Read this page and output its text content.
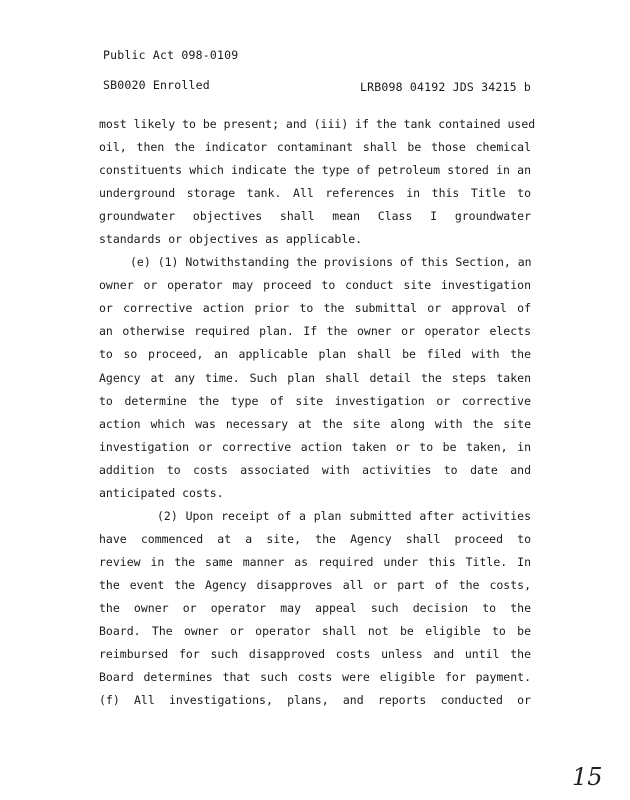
Public Act 098-0109
SB0020 Enrolled	LRB098 04192 JDS 34215 b
most likely to be present; and (iii) if the tank contained used
oil, then the indicator contaminant shall be those chemical
constituents which indicate the type of petroleum stored in an
underground storage tank. All references in this Title to
groundwater objectives shall mean Class I groundwater
standards or objectives as applicable.
(e) (1) Notwithstanding the provisions of this Section, an
owner or operator may proceed to conduct site investigation
or corrective action prior to the submittal or approval of
an otherwise required plan. If the owner or operator elects
to so proceed, an applicable plan shall be filed with the
Agency at any time. Such plan shall detail the steps taken
to determine the type of site investigation or corrective
action which was necessary at the site along with the site
investigation or corrective action taken or to be taken, in
addition to costs associated with activities to date and
anticipated costs.
(2) Upon receipt of a plan submitted after activities
have commenced at a site, the Agency shall proceed to
review in the same manner as required under this Title. In
the event the Agency disapproves all or part of the costs,
the owner or operator may appeal such decision to the
Board. The owner or operator shall not be eligible to be
reimbursed for such disapproved costs unless and until the
Board determines that such costs were eligible for payment.
(f) All investigations, plans, and reports conducted or
15
